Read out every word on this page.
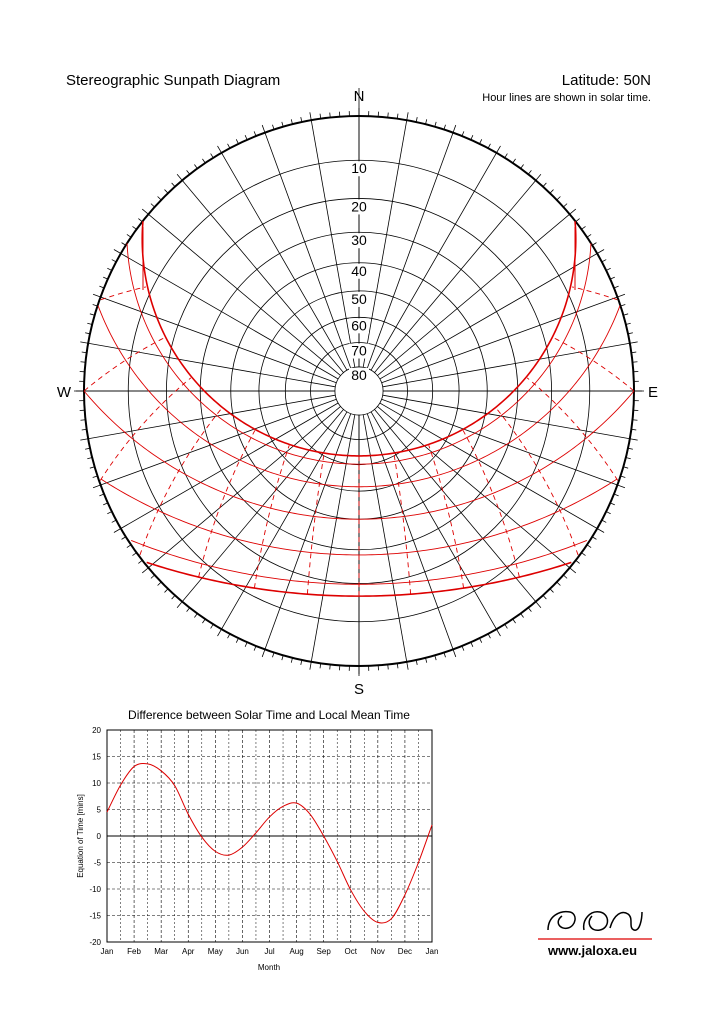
Stereographic Sunpath Diagram	Latitude: 50N
Hour lines are shown in solar time.
10
20
30
40
50
60
70
80
N
E
S
W
20
15
10
5
0
-5
-10
-15
-20
Jan Feb Mar Apr May Jun Jul Aug Sep Oct Nov Dec Jan
Difference between Solar Time and Local Mean Time
Month
Equation of Time [mins]
www.jaloxa.eu
